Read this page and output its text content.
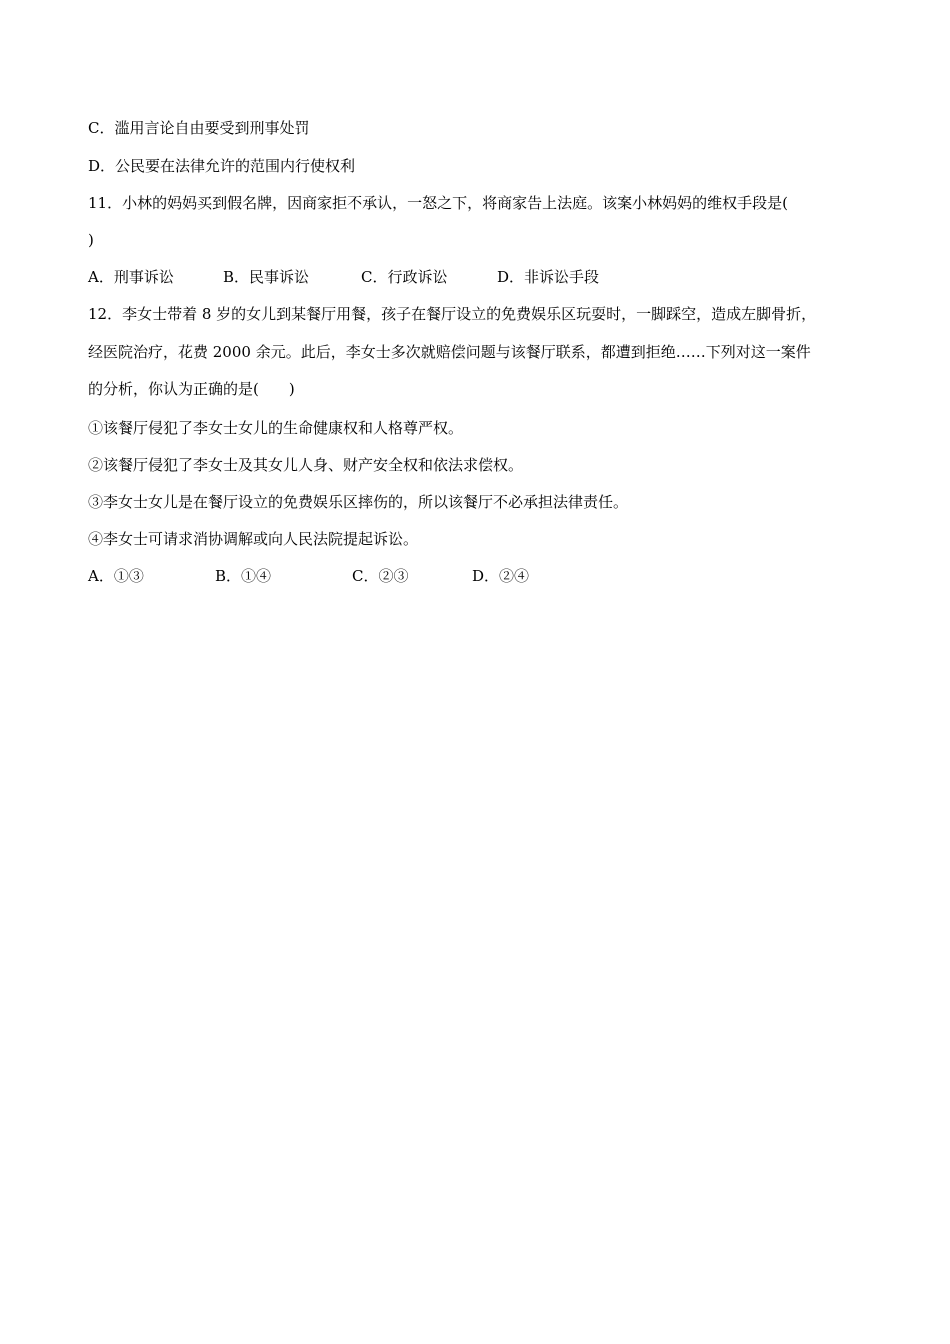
C．滥用言论自由要受到刑事处罚
D．公民要在法律允许的范围内行使权利
11．小林的妈妈买到假名牌，因商家拒不承认，一怒之下，将商家告上法庭。该案小林妈妈的维权手段是(
)
A．刑事诉讼	B．民事诉讼	C．行政诉讼	D．非诉讼手段
12．李女士带着 8 岁的女儿到某餐厅用餐，孩子在餐厅设立的免费娱乐区玩耍时，一脚踩空，造成左脚骨折，
经医院治疗，花费 2000 余元。此后，李女士多次就赔偿问题与该餐厅联系，都遭到拒绝……下列对这一案件
的分析，你认为正确的是(　　)
①该餐厅侵犯了李女士女儿的生命健康权和人格尊严权。
②该餐厅侵犯了李女士及其女儿人身、财产安全权和依法求偿权。
③李女士女儿是在餐厅设立的免费娱乐区摔伤的，所以该餐厅不必承担法律责任。
④李女士可请求消协调解或向人民法院提起诉讼。
A．①③	B．①④	C．②③	D．②④
